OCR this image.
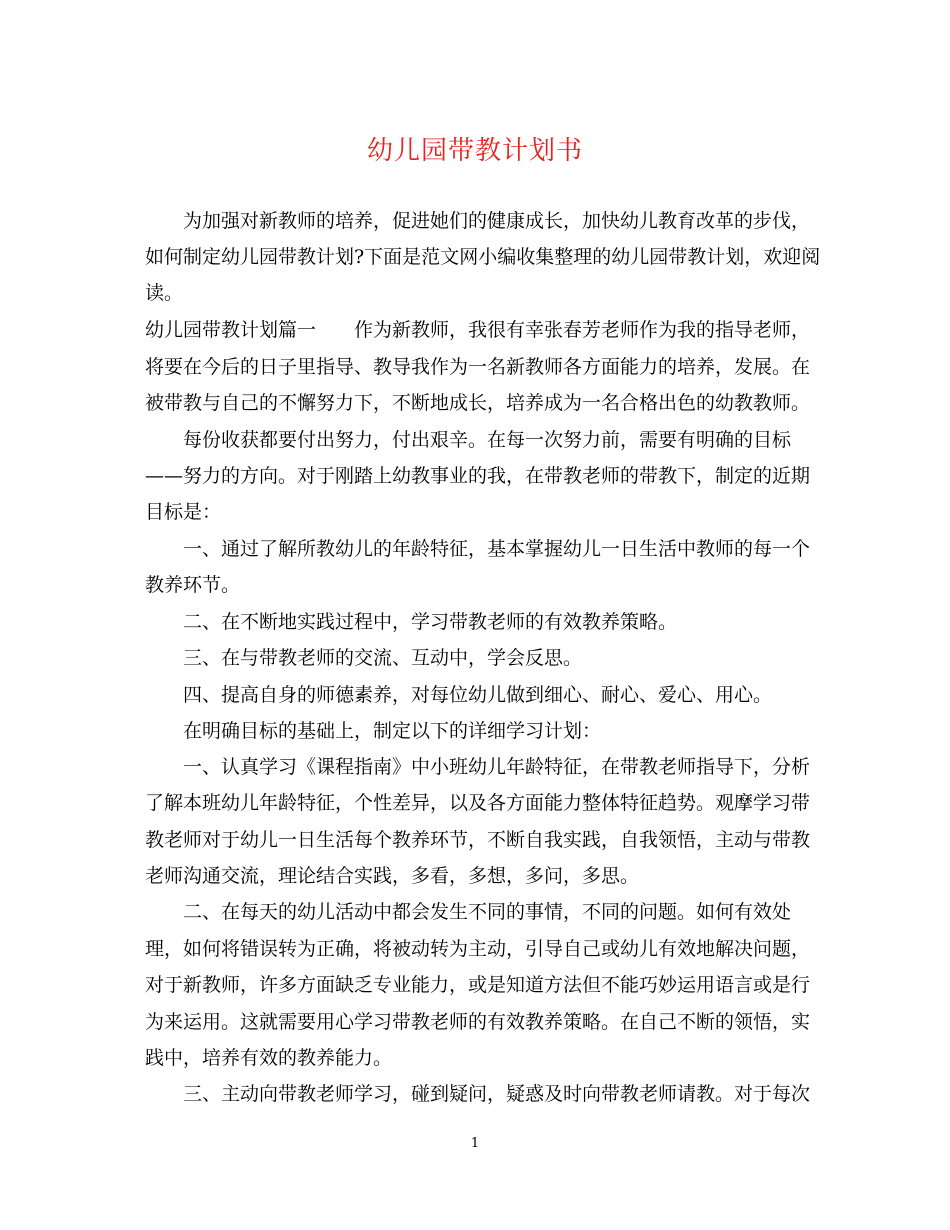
幼儿园带教计划书
　　为加强对新教师的培养，促进她们的健康成长，加快幼儿教育改革的步伐，
如何制定幼儿园带教计划?下面是范文网小编收集整理的幼儿园带教计划，欢迎阅
读。
幼儿园带教计划篇一　　作为新教师，我很有幸张春芳老师作为我的指导老师，
将要在今后的日子里指导、教导我作为一名新教师各方面能力的培养，发展。在
被带教与自己的不懈努力下，不断地成长，培养成为一名合格出色的幼教教师。
　　每份收获都要付出努力，付出艰辛。在每一次努力前，需要有明确的目标
——努力的方向。对于刚踏上幼教事业的我，在带教老师的带教下，制定的近期
目标是：
　　一、通过了解所教幼儿的年龄特征，基本掌握幼儿一日生活中教师的每一个
教养环节。
　　二、在不断地实践过程中，学习带教老师的有效教养策略。
　　三、在与带教老师的交流、互动中，学会反思。
　　四、提高自身的师德素养，对每位幼儿做到细心、耐心、爱心、用心。
　　在明确目标的基础上，制定以下的详细学习计划：
　　一、认真学习《课程指南》中小班幼儿年龄特征，在带教老师指导下，分析
了解本班幼儿年龄特征，个性差异，以及各方面能力整体特征趋势。观摩学习带
教老师对于幼儿一日生活每个教养环节，不断自我实践，自我领悟，主动与带教
老师沟通交流，理论结合实践，多看，多想，多问，多思。
　　二、在每天的幼儿活动中都会发生不同的事情，不同的问题。如何有效处
理，如何将错误转为正确，将被动转为主动，引导自己或幼儿有效地解决问题，
对于新教师，许多方面缺乏专业能力，或是知道方法但不能巧妙运用语言或是行
为来运用。这就需要用心学习带教老师的有效教养策略。在自己不断的领悟，实
践中，培养有效的教养能力。
　　三、主动向带教老师学习，碰到疑问，疑惑及时向带教老师请教。对于每次
1
